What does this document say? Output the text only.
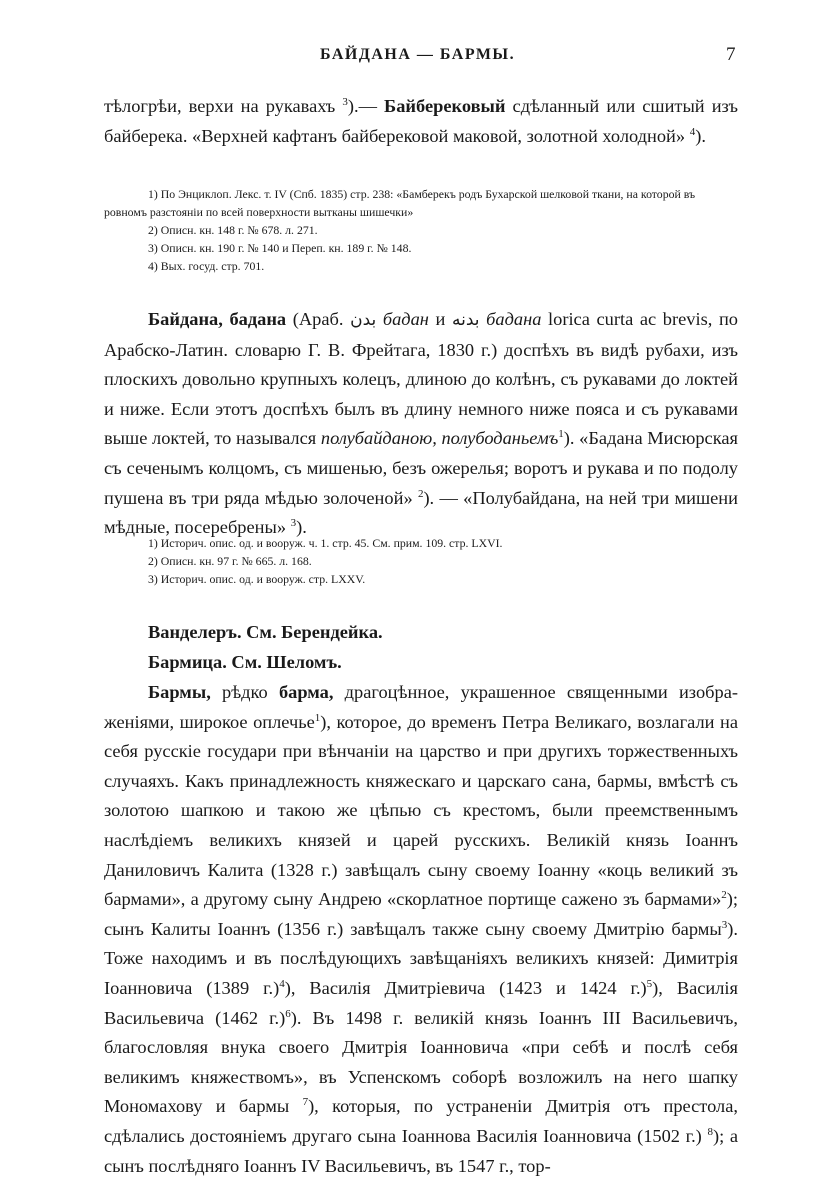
БАЙДАНА — БАРМЫ.	7

тѣлогрѣи, верхи на рукавахъ $^3$).— Байберековый сдѣланный или сшитый изъ байберека. «Верхней кафтанъ байберековой маковой, золотной холодной» $^4$).

1) По Энциклоп. Лекс. т. IV (Спб. 1835) стр. 238: «Бамберекъ родъ Бухарской шелковой ткани, на которой въ ровномъ разстояніи по всей поверхности вытканы шишечки»
2) Описн. кн. 148 г. № 678. л. 271.
3) Описн. кн. 190 г. № 140 и Переп. кн. 189 г. № 148.
4) Вых. госуд. стр. 701.

Байдана, бадана (Араб. بدن бадан и بدنه бадана lorica curta ac brevis, по Арабско-Латин. словарю Г. В. Фрейтага, 1830 г.) доспѣхъ въ видѣ рубахи, изъ плоскихъ довольно крупныхъ колецъ, длиною до колѣнъ, съ рукавами до локтей и ниже. Если этотъ доспѣхъ былъ въ длину немного ниже пояса и съ рукавами выше локтей, то назывался полубайданою, полубоданьемъ$^1$). «Бадана Мисюрская съ сеченымъ колцомъ, съ мишенью, безъ ожерелья; воротъ и рукава и по подолу пушена въ три ряда мѣдью золоченой» $^2$). — «Полубайдана, на ней три мишени мѣдные, посеребрены» $^3$).

1) Историч. опис. од. и вооруж. ч. 1. стр. 45. См. прим. 109. стр. LXVI.
2) Описн. кн. 97 г. № 665. л. 168.
3) Историч. опис. од. и вооруж. стр. LXXV.
Ванделеръ. См. Берендейка.
Бармица. См. Шеломъ.

Бармы, рѣдко барма, драгоцѣнное, украшенное священными изображеніями, широкое оплечье$^1$), которое, до временъ Петра Великаго, возлагали на себя русскіе государи при вѣнчаніи на царство и при другихъ торжественныхъ случаяхъ. Какъ принадлежность княжескаго и царскаго сана, бармы, вмѣстѣ съ золотою шапкою и такою же цѣпью съ крестомъ, были преемственнымъ наслѣдіемъ великихъ князей и царей русскихъ. Великій князь Іоаннъ Даниловичъ Калита (1328 г.) завѣщалъ сыну своему Іоанну «коць великий зъ бармами», а другому сыну Андрею «скорлатное портище сажено зъ бармами»$^2$); сынъ Калиты Іоаннъ (1356 г.) завѣщалъ также сыну своему Дмитрію бармы$^3$). Тоже находимъ и въ послѣдующихъ завѣщаніяхъ великихъ князей: Димитрія Іоанновича (1389 г.)$^4$), Василія Дмитріевича (1423 и 1424 г.)$^5$), Василія Васильевича (1462 г.)$^6$). Въ 1498 г. великій князь Іоаннъ III Васильевичъ, благословляя внука своего Дмитрія Іоанновича «при себѣ и послѣ себя великимъ княжествомъ», въ Успенскомъ соборѣ возложилъ на него шапку Мономахову и бармы $^7$), которыя, по устраненіи Дмитрія отъ престола, сдѣлались достояніемъ другаго сына Іоаннова Василія Іоанновича (1502 г.) $^8$); а сынъ послѣдняго Іоаннъ IV Васильевичъ, въ 1547 г., тор-
